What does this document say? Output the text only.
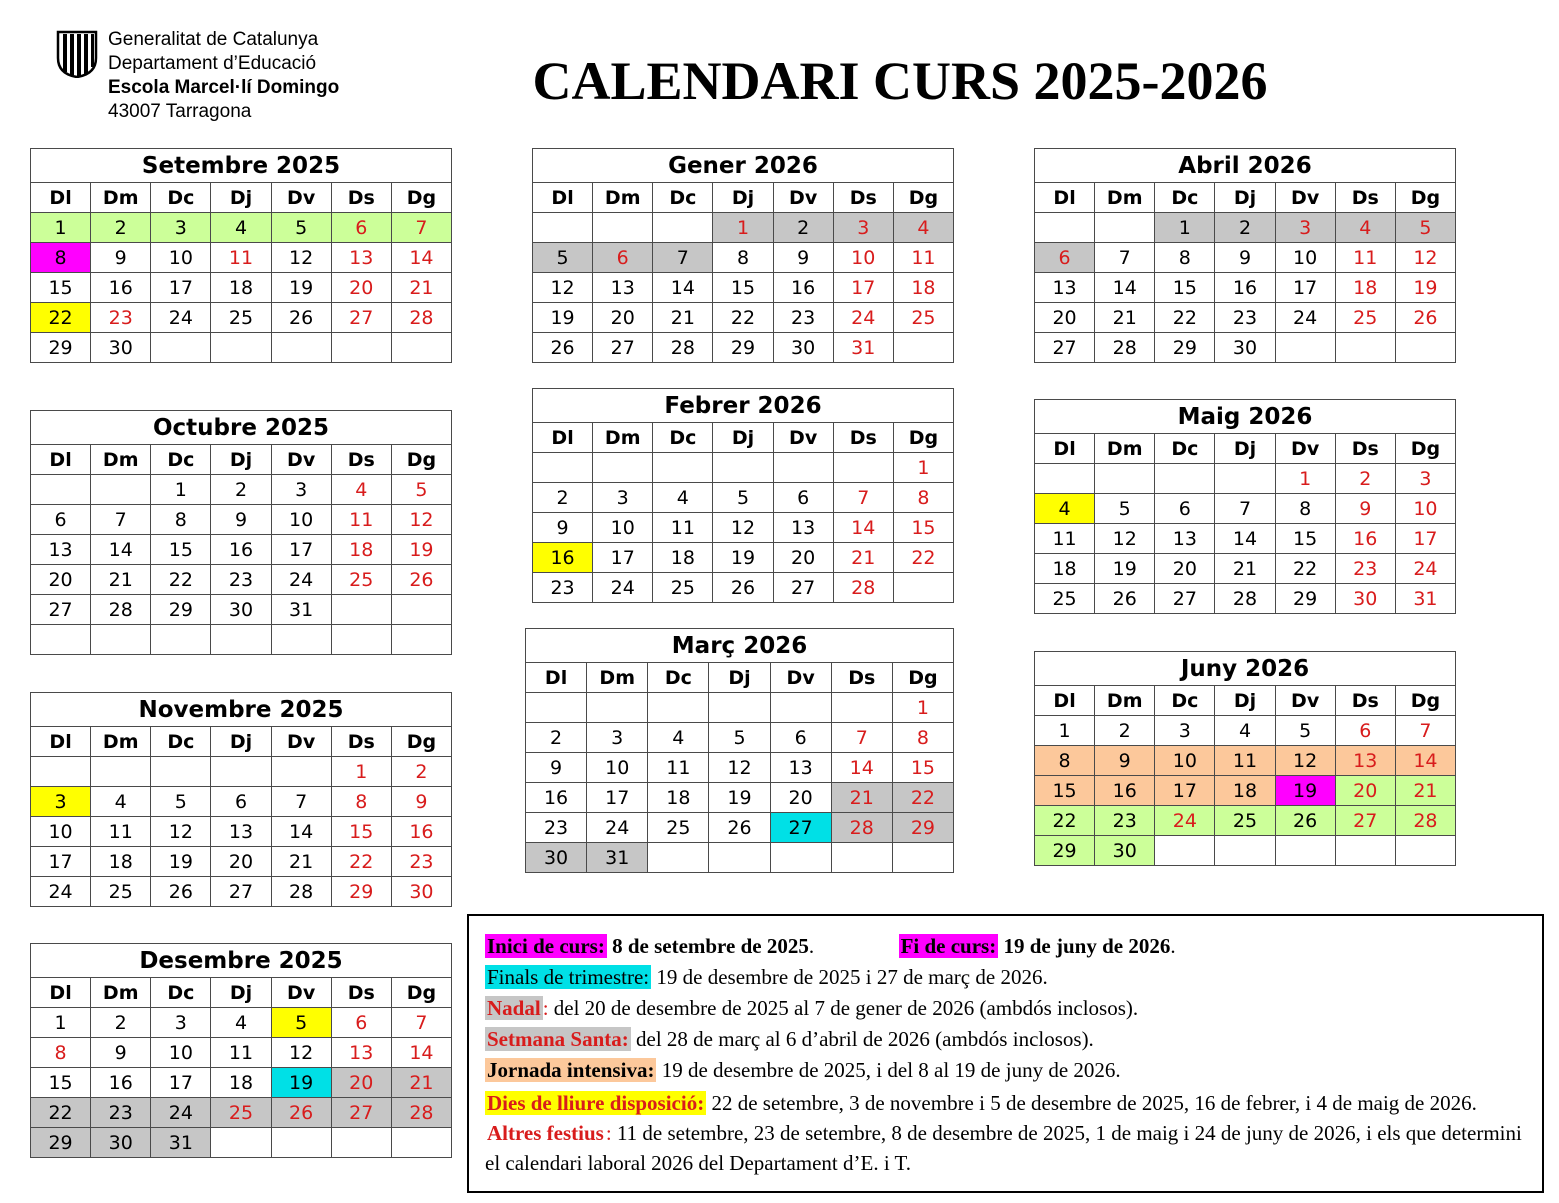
Generalitat de Catalunya
Departament d’Educació
Escola Marcel·lí Domingo
43007 Tarragona
CALENDARI CURS 2025-2026
Setembre 2025						
Dl	Dm	Dc	Dj	Dv	Ds	Dg
1	2	3	4	5	6	7
8	9	10	11	12	13	14
15	16	17	18	19	20	21
22	23	24	25	26	27	28
29	30					
Octubre 2025						
Dl	Dm	Dc	Dj	Dv	Ds	Dg
		1	2	3	4	5
6	7	8	9	10	11	12
13	14	15	16	17	18	19
20	21	22	23	24	25	26
27	28	29	30	31		

Novembre 2025						
Dl	Dm	Dc	Dj	Dv	Ds	Dg
					1	2
3	4	5	6	7	8	9
10	11	12	13	14	15	16
17	18	19	20	21	22	23
24	25	26	27	28	29	30
Desembre 2025						
Dl	Dm	Dc	Dj	Dv	Ds	Dg
1	2	3	4	5	6	7
8	9	10	11	12	13	14
15	16	17	18	19	20	21
22	23	24	25	26	27	28
29	30	31				
Gener 2026						
Dl	Dm	Dc	Dj	Dv	Ds	Dg
			1	2	3	4
5	6	7	8	9	10	11
12	13	14	15	16	17	18
19	20	21	22	23	24	25
26	27	28	29	30	31	
Febrer 2026						
Dl	Dm	Dc	Dj	Dv	Ds	Dg
						1
2	3	4	5	6	7	8
9	10	11	12	13	14	15
16	17	18	19	20	21	22
23	24	25	26	27	28	
Març 2026						
Dl	Dm	Dc	Dj	Dv	Ds	Dg
						1
2	3	4	5	6	7	8
9	10	11	12	13	14	15
16	17	18	19	20	21	22
23	24	25	26	27	28	29
30	31					
Abril 2026						
Dl	Dm	Dc	Dj	Dv	Ds	Dg
		1	2	3	4	5
6	7	8	9	10	11	12
13	14	15	16	17	18	19
20	21	22	23	24	25	26
27	28	29	30			
Maig 2026						
Dl	Dm	Dc	Dj	Dv	Ds	Dg
				1	2	3
4	5	6	7	8	9	10
11	12	13	14	15	16	17
18	19	20	21	22	23	24
25	26	27	28	29	30	31
Juny 2026						
Dl	Dm	Dc	Dj	Dv	Ds	Dg
1	2	3	4	5	6	7
8	9	10	11	12	13	14
15	16	17	18	19	20	21
22	23	24	25	26	27	28
29	30					
Inici de curs: 8 de setembre de 2025.	Fi de curs: 19 de juny de 2026.
Finals de trimestre: 19 de desembre de 2025 i 27 de març de 2026.
Nadal: del 20 de desembre de 2025 al 7 de gener de 2026 (ambdós inclosos).
Setmana Santa: del 28 de març al 6 d’abril de 2026 (ambdós inclosos).
Jornada intensiva: 19 de desembre de 2025, i del 8 al 19 de juny de 2026.
Dies de lliure disposició: 22 de setembre, 3 de novembre i 5 de desembre de 2025, 16 de febrer, i 4 de maig de 2026. Altres festius: 11 de setembre, 23 de setembre, 8 de desembre de 2025, 1 de maig i 24 de juny de 2026, i els que determini el calendari laboral 2026 del Departament d’E. i T.
